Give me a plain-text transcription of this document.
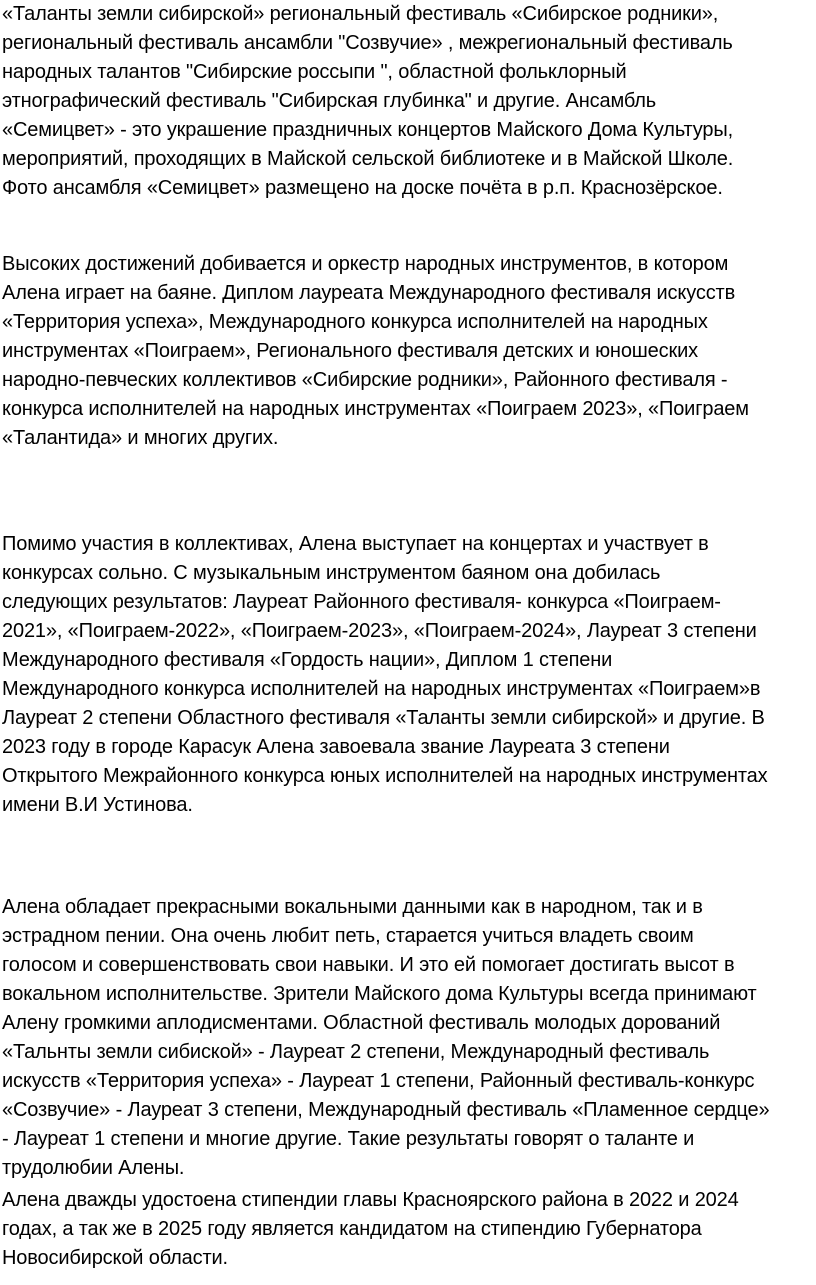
«Таланты земли сибирской» региональный фестиваль «Сибирское родники»,
региональный фестиваль ансамбли "Созвучие» , межрегиональный фестиваль
народных талантов "Сибирские россыпи ", областной фольклорный
этнографический фестиваль "Сибирская глубинка" и другие. Ансамбль
«Семицвет» - это украшение праздничных концертов Майского Дома Культуры,
мероприятий, проходящих в Майской сельской библиотеке и в Майской Школе.
Фото ансамбля «Семицвет» размещено на доске почёта в р.п. Краснозёрское.

Высоких достижений добивается и оркестр народных инструментов, в котором
Алена играет на баяне. Диплом лауреата Международного фестиваля искусств
«Территория успеха», Международного конкурса исполнителей на народных
инструментах «Поиграем», Регионального фестиваля детских и юношеских
народно-певческих коллективов «Сибирские родники», Районного фестиваля -
конкурса исполнителей на народных инструментах «Поиграем 2023», «Поиграем
«Талантида» и многих других.

Помимо участия в коллективах, Алена выступает на концертах и участвует в
конкурсах сольно. С музыкальным инструментом баяном она добилась
следующих результатов: Лауреат Районного фестиваля- конкурса «Поиграем-
2021», «Поиграем-2022», «Поиграем-2023», «Поиграем-2024», Лауреат 3 степени
Международного фестиваля «Гордость нации», Диплом 1 степени
Международного конкурса исполнителей на народных инструментах «Поиграем»в
Лауреат 2 степени Областного фестиваля «Таланты земли сибирской» и другие. В
2023 году в городе Карасук Алена завоевала звание Лауреата 3 степени
Открытого Межрайонного конкурса юных исполнителей на народных инструментах
имени В.И Устинова.

Алена обладает прекрасными вокальными данными как в народном, так и в
эстрадном пении. Она очень любит петь, старается учиться владеть своим
голосом и совершенствовать свои навыки. И это ей помогает достигать высот в
вокальном исполнительстве. Зрители Майского дома Культуры всегда принимают
Алену громкими аплодисментами. Областной фестиваль молодых дорований
«Тальнты земли сибиской» - Лауреат 2 степени, Международный фестиваль
искусств «Территория успеха» - Лауреат 1 степени, Районный фестиваль-конкурс
«Созвучие» - Лауреат 3 степени, Международный фестиваль «Пламенное сердце»
- Лауреат 1 степени и многие другие. Такие результаты говорят о таланте и
трудолюбии Алены.

Алена дважды удостоена стипендии главы Красноярского района в 2022 и 2024
годах, а так же в 2025 году является кандидатом на стипендию Губернатора
Новосибирской области.
